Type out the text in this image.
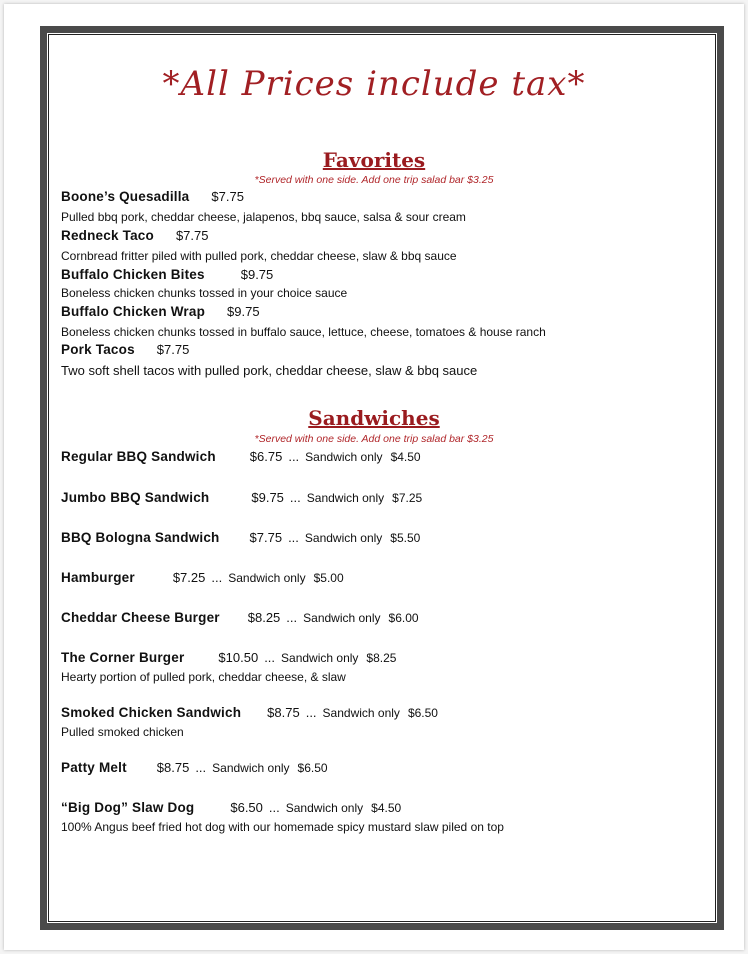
*All Prices include tax*
Favorites
*Served with one side. Add one trip salad bar $3.25
Boone’s Quesadilla $7.75
Pulled bbq pork, cheddar cheese, jalapenos, bbq sauce, salsa & sour cream
Redneck Taco $7.75
Cornbread fritter piled with pulled pork, cheddar cheese, slaw & bbq sauce
Buffalo Chicken Bites	$9.75
Boneless chicken chunks tossed in your choice sauce
Buffalo Chicken Wrap $9.75
Boneless chicken chunks tossed in buffalo sauce, lettuce, cheese, tomatoes & house ranch
Pork Tacos $7.75
Two soft shell tacos with pulled pork, cheddar cheese, slaw & bbq sauce
Sandwiches
*Served with one side. Add one trip salad bar $3.25
Regular BBQ Sandwich	$6.75 ... Sandwich only $4.50
Jumbo BBQ Sandwich	$9.75 ... Sandwich only $7.25
BBQ Bologna Sandwich $7.75 ... Sandwich only $5.50
Hamburger	$7.25 ... Sandwich only $5.00
Cheddar Cheese Burger $8.25 ... Sandwich only $6.00
The Corner Burger	$10.50 ... Sandwich only $8.25
Hearty portion of pulled pork, cheddar cheese, & slaw
Smoked Chicken Sandwich $8.75 ... Sandwich only $6.50
Pulled smoked chicken
Patty Melt $8.75 ... Sandwich only $6.50
“Big Dog” Slaw Dog	$6.50 ... Sandwich only $4.50
100% Angus beef fried hot dog with our homemade spicy mustard slaw piled on top
